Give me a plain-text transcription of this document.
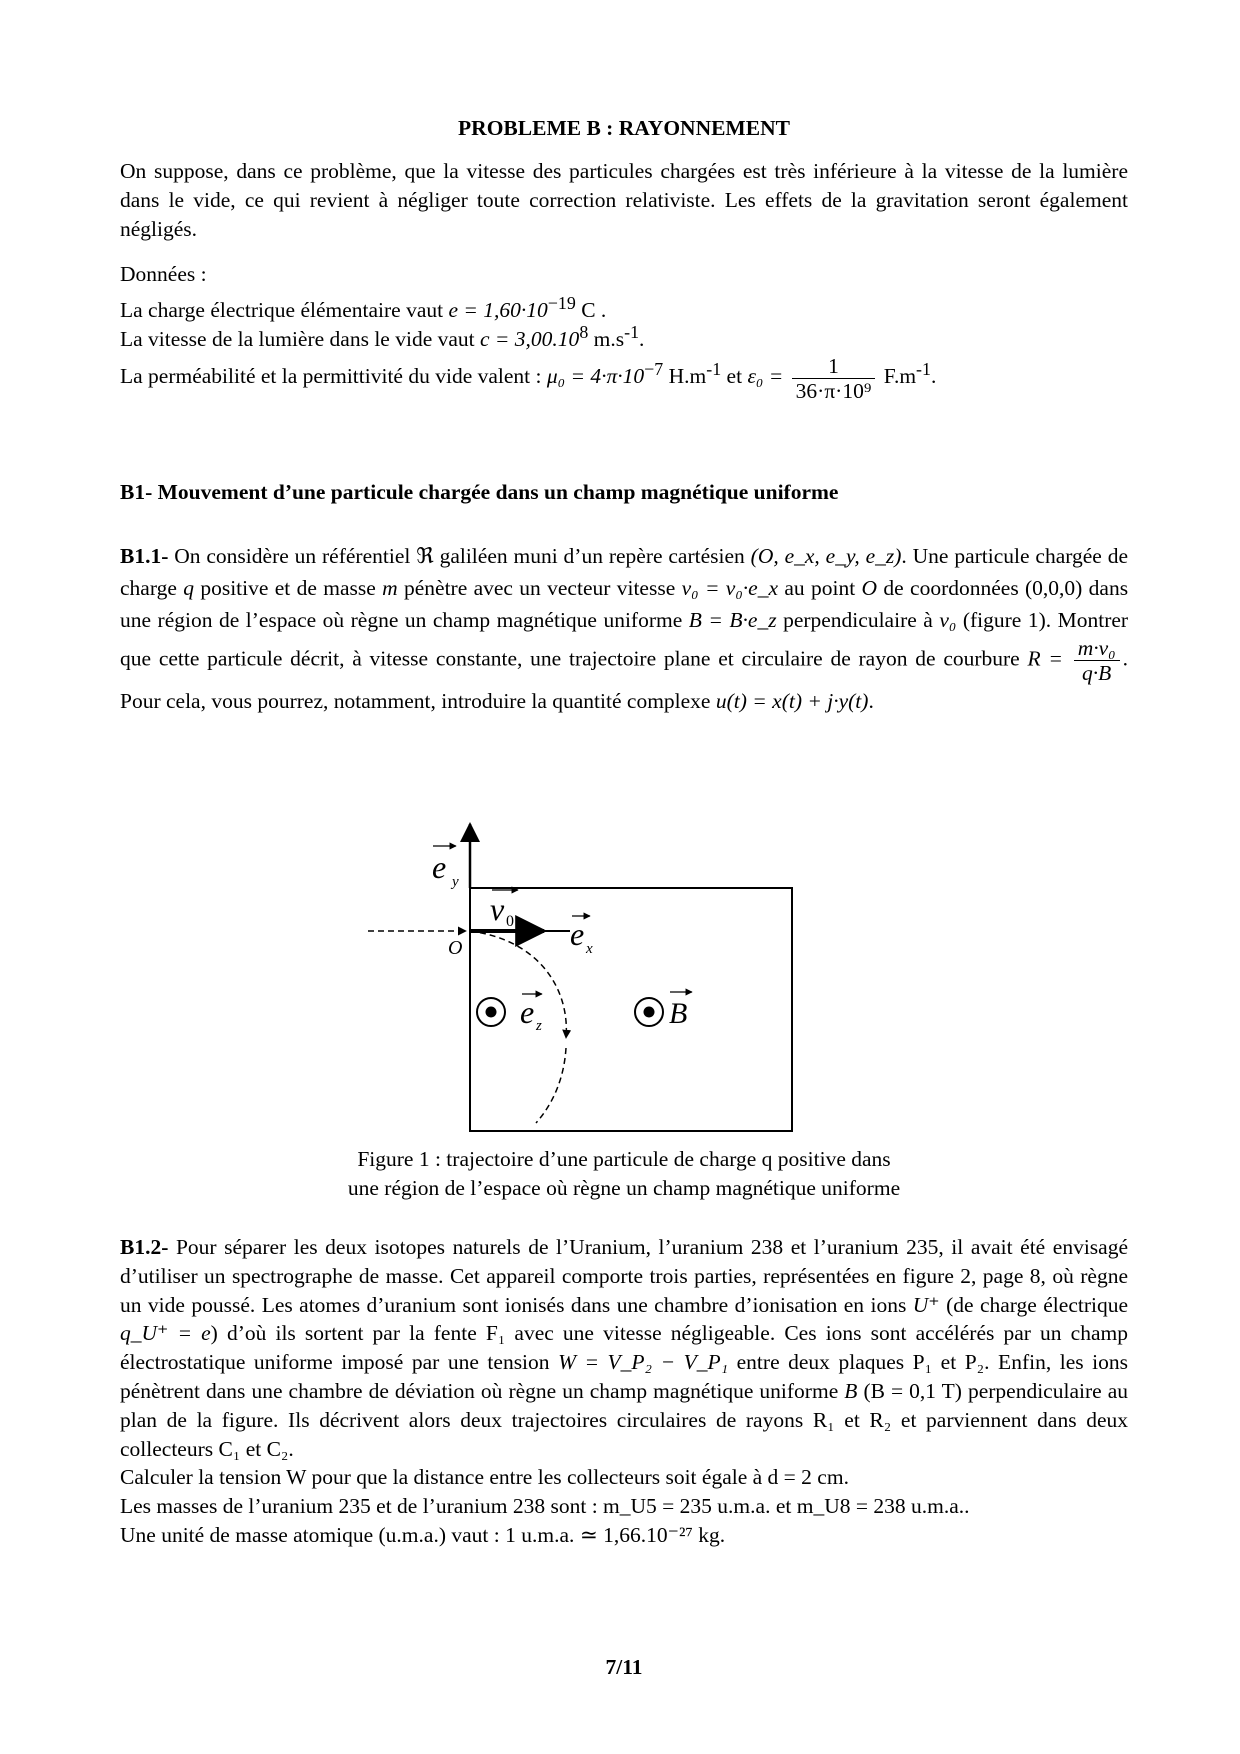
PROBLEME B : RAYONNEMENT

On suppose, dans ce problème, que la vitesse des particules chargées est très inférieure à la vitesse de la lumière dans le vide, ce qui revient à négliger toute correction relativiste. Les effets de la gravitation seront également négligés.

Données :

La charge électrique élémentaire vaut $e = 1,60\cdot 10^{-19}$ C .

La vitesse de la lumière dans le vide vaut $c = 3,00.10^8$ $m.s^{-1}$.

La perméabilité et la permittivité du vide valent : $\mu_0 = 4\cdot\pi\cdot 10^{-7}$ $H.m^{-1}$ et $\varepsilon_0 = \frac{1}{\text{36·π·10⁹}} F.m^{-1}$.

B1- Mouvement d’une particule chargée dans un champ magnétique uniforme

B1.1- On considère un référentiel ℜ galiléen muni d’un repère cartésien (O, e_x, e_y, e_z). Une particule chargée de charge q positive et de masse m pénètre avec un vecteur vitesse v₀ = v₀·e_x au point O de coordonnées (0,0,0) dans une région de l’espace où règne un champ magnétique uniforme B = B·e_z perpendiculaire à v₀ (figure 1). Montrer que cette particule décrit, à vitesse constante, une trajectoire plane et circulaire de rayon de courbure $R = \frac{\text{m·v₀}}{q\cdot B}$ . Pour cela, vous pourrez, notamment, introduire la quantité complexe u(t) = x(t) + j·y(t).

e y
v 0 e x
O
e z	B
Figure 1 : trajectoire d’une particule de charge q positive dans
une région de l’espace où règne un champ magnétique uniforme

B1.2- Pour séparer les deux isotopes naturels de l’Uranium, l’uranium 238 et l’uranium 235, il avait été envisagé d’utiliser un spectrographe de masse. Cet appareil comporte trois parties, représentées en figure 2, page 8, où règne un vide poussé. Les atomes d’uranium sont ionisés dans une chambre d’ionisation en ions U⁺ (de charge électrique q_U⁺ = e) d’où ils sortent par la fente F₁ avec une vitesse négligeable. Ces ions sont accélérés par un champ électrostatique uniforme imposé par une tension W = V_P₂ − V_P₁ entre deux plaques P₁ et P₂. Enfin, les ions pénètrent dans une chambre de déviation où règne un champ magnétique uniforme B (B = 0,1 T) perpendiculaire au plan de la figure. Ils décrivent alors deux trajectoires circulaires de rayons R₁ et R₂ et parviennent dans deux collecteurs C₁ et C₂.
Calculer la tension W pour que la distance entre les collecteurs soit égale à d = 2 cm.
Les masses de l’uranium 235 et de l’uranium 238 sont : m_U5 = 235 u.m.a. et m_U8 = 238 u.m.a..
Une unité de masse atomique (u.m.a.) vaut : 1 u.m.a. ≃ 1,66.10⁻²⁷ kg.

7/11
